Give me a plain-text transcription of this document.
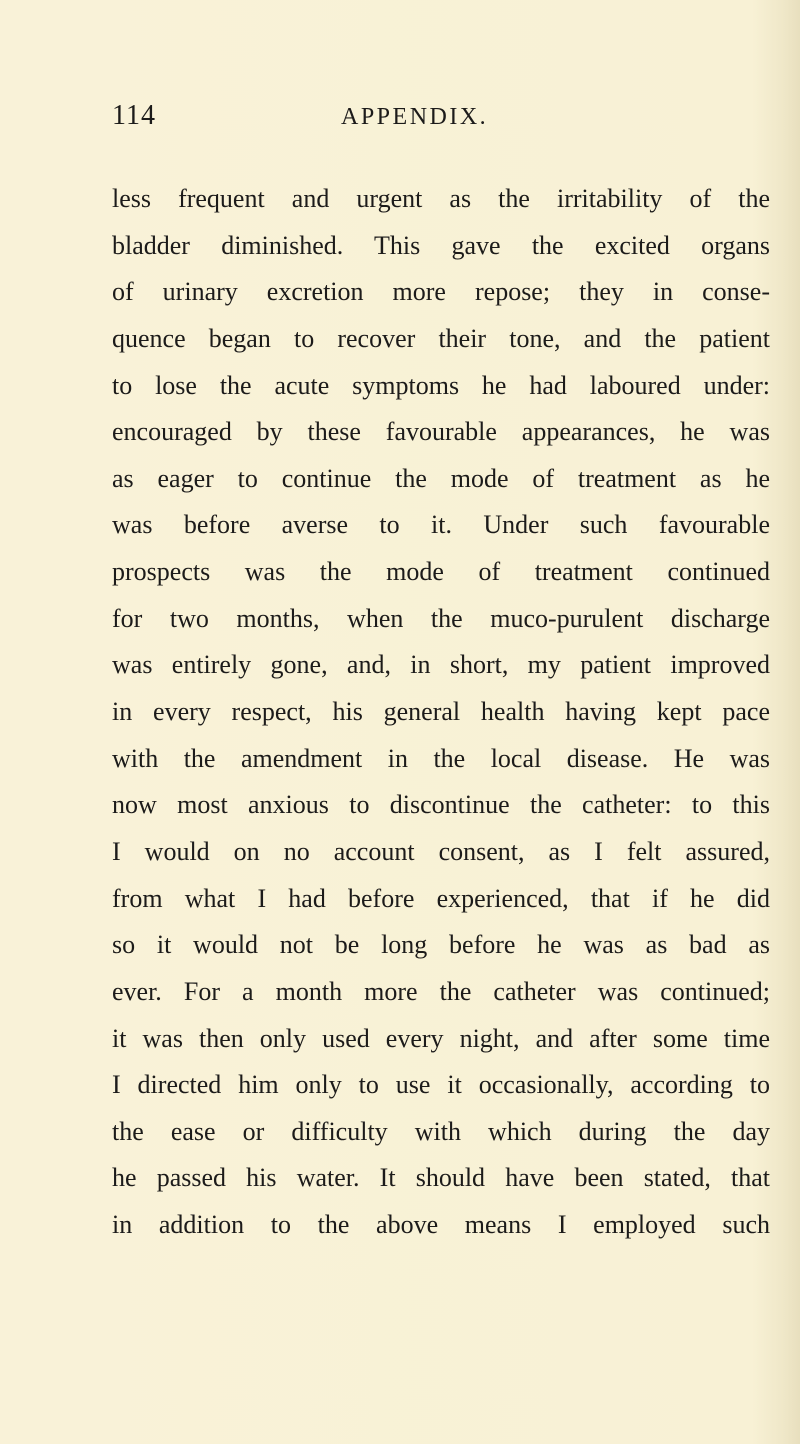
114	APPENDIX.
less frequent and urgent as the irritability of the
bladder diminished. This gave the excited organs
of urinary excretion more repose; they in conse-
quence began to recover their tone, and the patient
to lose the acute symptoms he had laboured under:
encouraged by these favourable appearances, he was
as eager to continue the mode of treatment as he
was before averse to it. Under such favourable
prospects was the mode of treatment continued
for two months, when the muco-purulent discharge
was entirely gone, and, in short, my patient improved
in every respect, his general health having kept pace
with the amendment in the local disease. He was
now most anxious to discontinue the catheter: to this
I would on no account consent, as I felt assured,
from what I had before experienced, that if he did
so it would not be long before he was as bad as
ever. For a month more the catheter was continued;
it was then only used every night, and after some time
I directed him only to use it occasionally, according to
the ease or difficulty with which during the day
he passed his water. It should have been stated, that
in addition to the above means I employed such
